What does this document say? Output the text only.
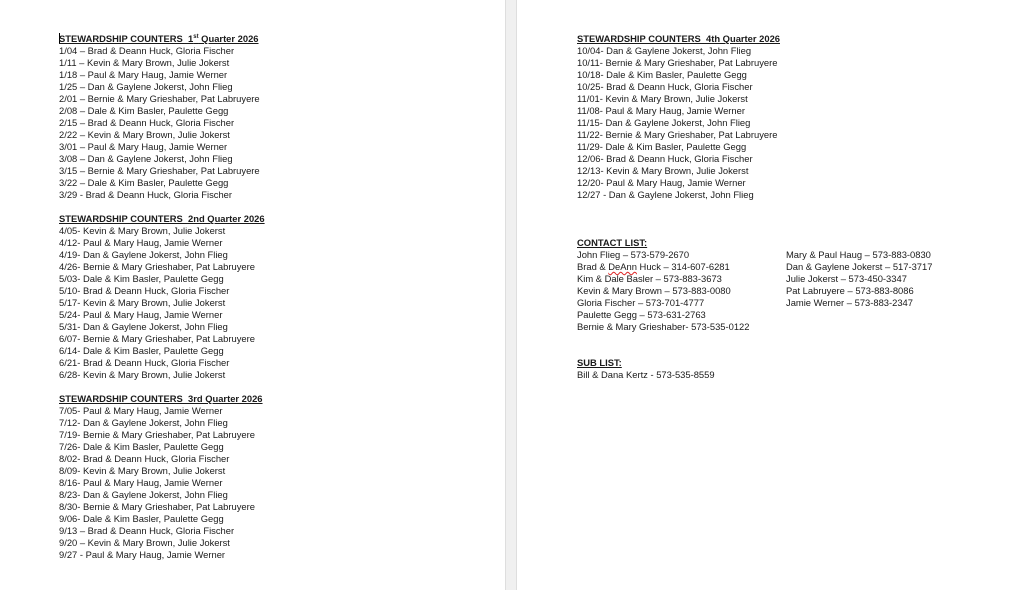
STEWARDSHIP COUNTERS  1st Quarter 2026
1/04 – Brad & Deann Huck, Gloria Fischer
1/11 – Kevin & Mary Brown, Julie Jokerst
1/18 – Paul & Mary Haug, Jamie Werner
1/25 – Dan & Gaylene Jokerst, John Flieg
2/01 – Bernie & Mary Grieshaber, Pat Labruyere
2/08 – Dale & Kim Basler, Paulette Gegg
2/15 – Brad & Deann Huck, Gloria Fischer
2/22 – Kevin & Mary Brown, Julie Jokerst
3/01 – Paul & Mary Haug, Jamie Werner
3/08 – Dan & Gaylene Jokerst, John Flieg
3/15 – Bernie & Mary Grieshaber, Pat Labruyere
3/22 – Dale & Kim Basler, Paulette Gegg
3/29 - Brad & Deann Huck, Gloria Fischer
STEWARDSHIP COUNTERS  2nd Quarter 2026
4/05- Kevin & Mary Brown, Julie Jokerst
4/12- Paul & Mary Haug, Jamie Werner
4/19- Dan & Gaylene Jokerst, John Flieg
4/26- Bernie & Mary Grieshaber, Pat Labruyere
5/03- Dale & Kim Basler, Paulette Gegg
5/10- Brad & Deann Huck, Gloria Fischer
5/17- Kevin & Mary Brown, Julie Jokerst
5/24- Paul & Mary Haug, Jamie Werner
5/31- Dan & Gaylene Jokerst, John Flieg
6/07- Bernie & Mary Grieshaber, Pat Labruyere
6/14- Dale & Kim Basler, Paulette Gegg
6/21- Brad & Deann Huck, Gloria Fischer
6/28- Kevin & Mary Brown, Julie Jokerst
STEWARDSHIP COUNTERS  3rd Quarter 2026
7/05- Paul & Mary Haug, Jamie Werner
7/12- Dan & Gaylene Jokerst, John Flieg
7/19- Bernie & Mary Grieshaber, Pat Labruyere
7/26- Dale & Kim Basler, Paulette Gegg
8/02- Brad & Deann Huck, Gloria Fischer
8/09- Kevin & Mary Brown, Julie Jokerst
8/16- Paul & Mary Haug, Jamie Werner
8/23- Dan & Gaylene Jokerst, John Flieg
8/30- Bernie & Mary Grieshaber, Pat Labruyere
9/06- Dale & Kim Basler, Paulette Gegg
9/13 – Brad & Deann Huck, Gloria Fischer
9/20 – Kevin & Mary Brown, Julie Jokerst
9/27 - Paul & Mary Haug, Jamie Werner
STEWARDSHIP COUNTERS  4th Quarter 2026
10/04- Dan & Gaylene Jokerst, John Flieg
10/11- Bernie & Mary Grieshaber, Pat Labruyere
10/18- Dale & Kim Basler, Paulette Gegg
10/25- Brad & Deann Huck, Gloria Fischer
11/01- Kevin & Mary Brown, Julie Jokerst
11/08- Paul & Mary Haug, Jamie Werner
11/15- Dan & Gaylene Jokerst, John Flieg
11/22- Bernie & Mary Grieshaber, Pat Labruyere
11/29- Dale & Kim Basler, Paulette Gegg
12/06- Brad & Deann Huck, Gloria Fischer
12/13- Kevin & Mary Brown, Julie Jokerst
12/20- Paul & Mary Haug, Jamie Werner
12/27 - Dan & Gaylene Jokerst, John Flieg
CONTACT LIST:
John Flieg – 573-579-2670
Brad & DeAnn Huck – 314-607-6281
Kim & Dale Basler – 573-883-3673
Kevin & Mary Brown – 573-883-0080
Gloria Fischer – 573-701-4777
Paulette Gegg – 573-631-2763
Bernie & Mary Grieshaber- 573-535-0122
Mary & Paul Haug – 573-883-0830
Dan & Gaylene Jokerst – 517-3717
Julie Jokerst – 573-450-3347
Pat Labruyere – 573-883-8086
Jamie Werner – 573-883-2347
SUB LIST:
Bill & Dana Kertz - 573-535-8559
